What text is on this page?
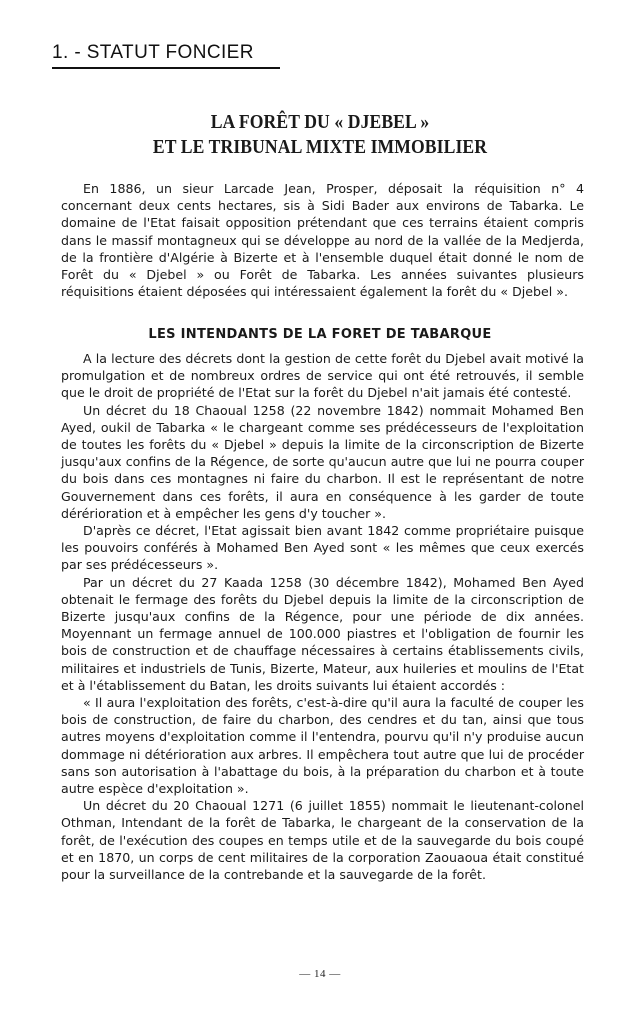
1. - STATUT FONCIER
LA FORÊT DU « DJEBEL »
ET LE TRIBUNAL MIXTE IMMOBILIER

En 1886, un sieur Larcade Jean, Prosper, déposait la réquisition n° 4 concernant deux cents hectares, sis à Sidi Bader aux environs de Tabarka. Le domaine de l'Etat faisait opposition prétendant que ces terrains étaient compris dans le massif montagneux qui se développe au nord de la vallée de la Medjerda, de la frontière d'Algérie à Bizerte et à l'ensemble duquel était donné le nom de Forêt du « Djebel » ou Forêt de Tabarka. Les années suivantes plusieurs réquisitions étaient déposées qui intéressaient également la forêt du « Djebel ».

LES INTENDANTS DE LA FORET DE TABARQUE

A la lecture des décrets dont la gestion de cette forêt du Djebel avait motivé la promulgation et de nombreux ordres de service qui ont été retrouvés, il semble que le droit de propriété de l'Etat sur la forêt du Djebel n'ait jamais été contesté.

Un décret du 18 Chaoual 1258 (22 novembre 1842) nommait Mohamed Ben Ayed, oukil de Tabarka « le chargeant comme ses prédécesseurs de l'exploitation de toutes les forêts du « Djebel » depuis la limite de la circonscription de Bizerte jusqu'aux confins de la Régence, de sorte qu'aucun autre que lui ne pourra couper du bois dans ces montagnes ni faire du charbon. Il est le représentant de notre Gouvernement dans ces forêts, il aura en conséquence à les garder de toute dérérioration et à empêcher les gens d'y toucher ».

D'après ce décret, l'Etat agissait bien avant 1842 comme propriétaire puisque les pouvoirs conférés à Mohamed Ben Ayed sont « les mêmes que ceux exercés par ses prédécesseurs ».

Par un décret du 27 Kaada 1258 (30 décembre 1842), Mohamed Ben Ayed obtenait le fermage des forêts du Djebel depuis la limite de la circonscription de Bizerte jusqu'aux confins de la Régence, pour une période de dix années. Moyennant un fermage annuel de 100.000 piastres et l'obligation de fournir les bois de construction et de chauffage nécessaires à certains établissements civils, militaires et industriels de Tunis, Bizerte, Mateur, aux huileries et moulins de l'Etat et à l'établissement du Batan, les droits suivants lui étaient accordés :

« Il aura l'exploitation des forêts, c'est-à-dire qu'il aura la faculté de couper les bois de construction, de faire du charbon, des cendres et du tan, ainsi que tous autres moyens d'exploitation comme il l'entendra, pourvu qu'il n'y produise aucun dommage ni détérioration aux arbres. Il empêchera tout autre que lui de procéder sans son autorisation à l'abattage du bois, à la préparation du charbon et à toute autre espèce d'exploitation ».

Un décret du 20 Chaoual 1271 (6 juillet 1855) nommait le lieutenant-colonel Othman, Intendant de la forêt de Tabarka, le chargeant de la conservation de la forêt, de l'exécution des coupes en temps utile et de la sauvegarde du bois coupé et en 1870, un corps de cent militaires de la corporation Zaouaoua était constitué pour la surveillance de la contrebande et la sauvegarde de la forêt.

— 14 —
